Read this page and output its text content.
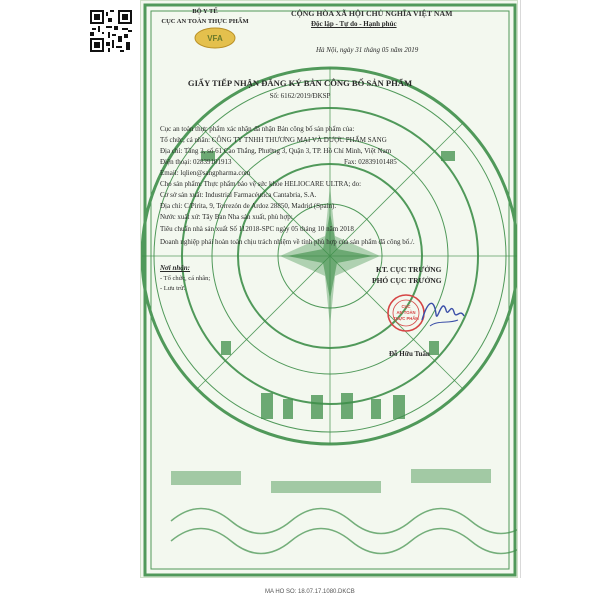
BỘ Y TẾ
CỤC AN TOÀN THỰC PHẨM
VFA
CỘNG HÒA XÃ HỘI CHỦ NGHĨA VIỆT NAM
Độc lập - Tự do - Hạnh phúc
Hà Nội, ngày 31 tháng 05 năm 2019
GIẤY TIẾP NHẬN ĐĂNG KÝ BẢN CÔNG BỐ SẢN PHẨM
Số: 6162/2019/ĐKSP
Cục an toàn thực phẩm xác nhận đã nhận Bản công bố sản phẩm của:
Tổ chức, cá nhân: CÔNG TY TNHH THƯƠNG MẠI VÀ DƯỢC PHẨM SANG
Địa chỉ: Tầng 3, số 61 Cao Thắng, Phường 3, Quận 3, TP. Hồ Chí Minh, Việt Nam
Điện thoại: 02839101913	Fax: 02839101485
Email: lqlien@sangpharma.com
Cho sản phẩm: Thực phẩm bảo vệ sức khỏe HELIOCARE ULTRA; do:
Cơ sở sản xuất: Industrial Farmacéutica Cantabria, S.A.
Địa chỉ: C/Pirita, 9, Torrezón de Ardoz 28850, Madrid (Spain).
Nước xuất xứ: Tây Ban Nha sản xuất, phù hợp:
Tiêu chuẩn nhà sản xuất Số 112018-SPC ngày 05 tháng 10 năm 2018
Doanh nghiệp phải hoàn toàn chịu trách nhiệm về tính phù hợp của sản phẩm đã công bố./.
Nơi nhận:
- Tổ chức, cá nhân;
- Lưu trữ.
KT. CỤC TRƯỞNG
PHÓ CỤC TRƯỞNG
CỤC
AN TOÀN
THỰC PHẨM
Đỗ Hữu Tuấn
MA HO SO: 18.07.17.1080.DKCB
